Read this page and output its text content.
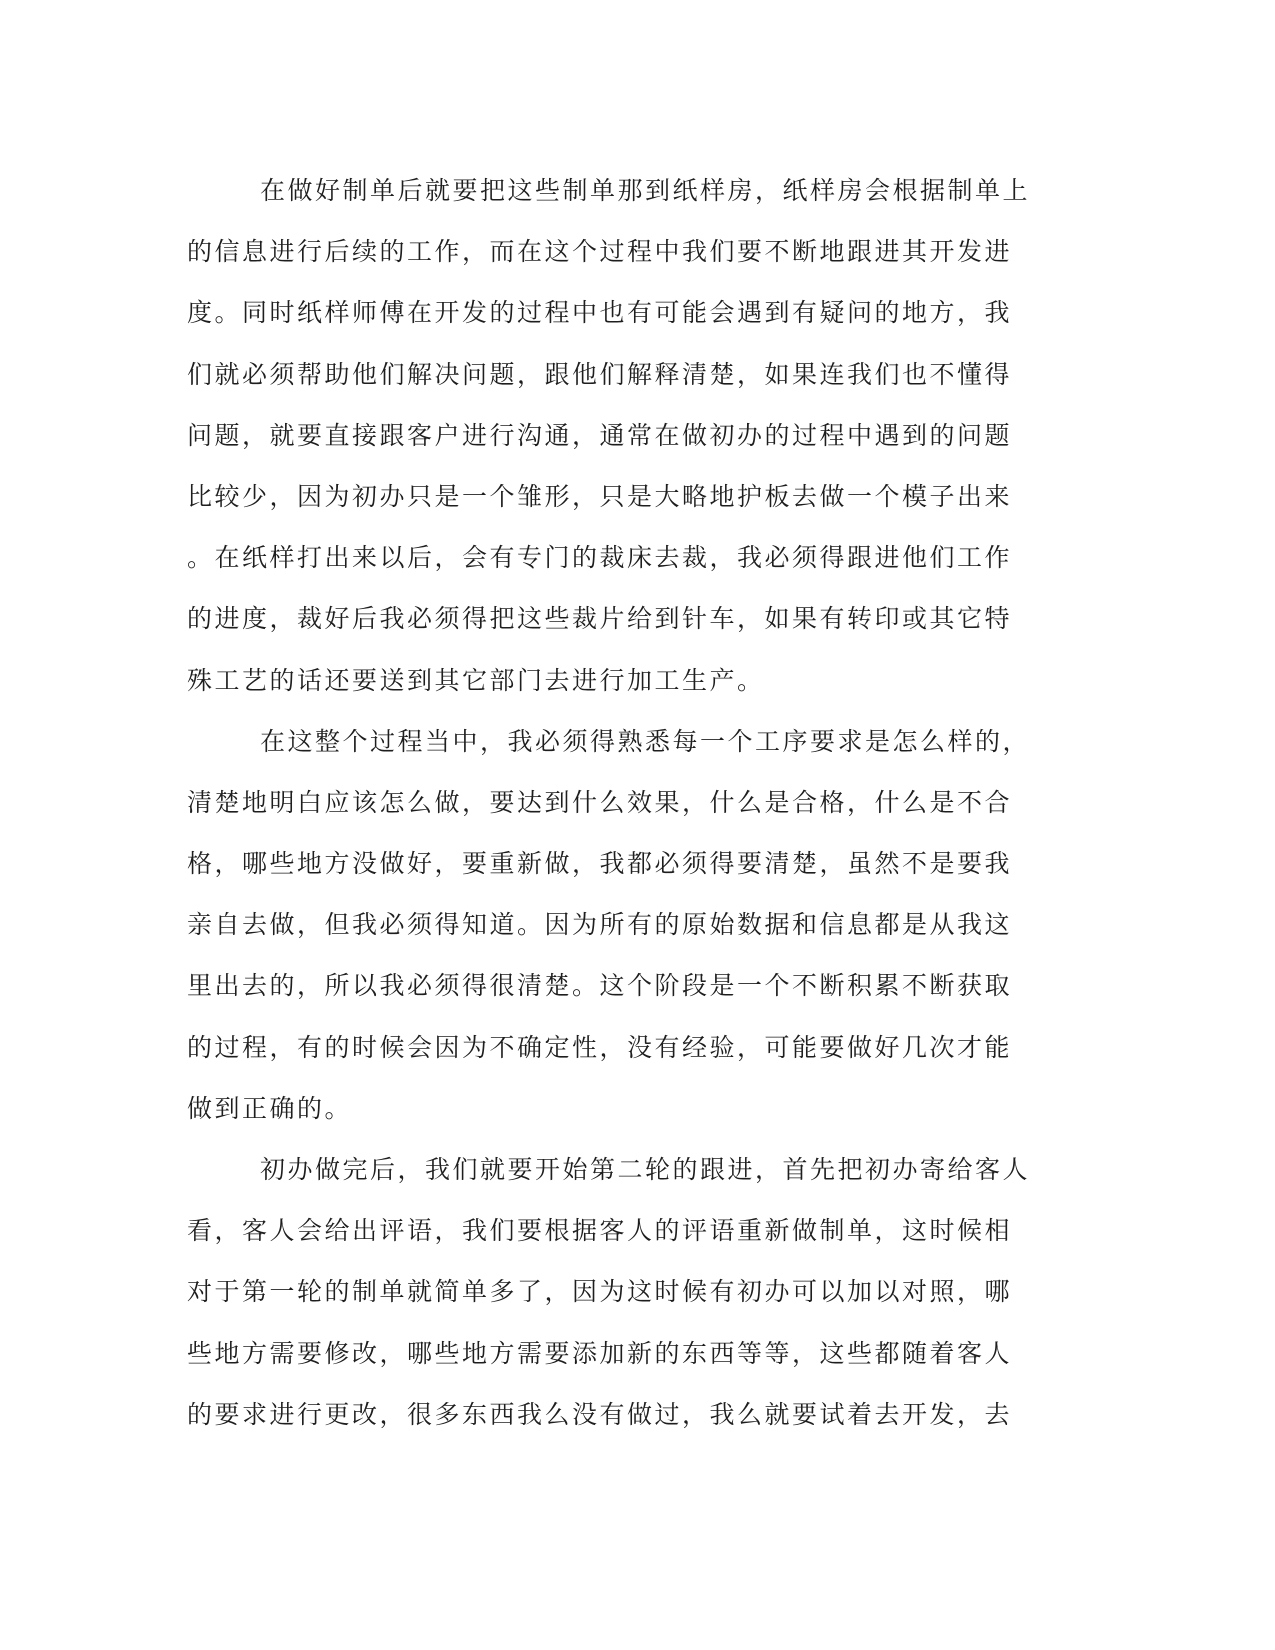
在做好制单后就要把这些制单那到纸样房，纸样房会根据制单上
的信息进行后续的工作，而在这个过程中我们要不断地跟进其开发进
度。同时纸样师傅在开发的过程中也有可能会遇到有疑问的地方，我
们就必须帮助他们解决问题，跟他们解释清楚，如果连我们也不懂得
问题，就要直接跟客户进行沟通，通常在做初办的过程中遇到的问题
比较少，因为初办只是一个雏形，只是大略地护板去做一个模子出来
。在纸样打出来以后，会有专门的裁床去裁，我必须得跟进他们工作
的进度，裁好后我必须得把这些裁片给到针车，如果有转印或其它特
殊工艺的话还要送到其它部门去进行加工生产。
在这整个过程当中，我必须得熟悉每一个工序要求是怎么样的，
清楚地明白应该怎么做，要达到什么效果，什么是合格，什么是不合
格，哪些地方没做好，要重新做，我都必须得要清楚，虽然不是要我
亲自去做，但我必须得知道。因为所有的原始数据和信息都是从我这
里出去的，所以我必须得很清楚。这个阶段是一个不断积累不断获取
的过程，有的时候会因为不确定性，没有经验，可能要做好几次才能
做到正确的。
初办做完后，我们就要开始第二轮的跟进，首先把初办寄给客人
看，客人会给出评语，我们要根据客人的评语重新做制单，这时候相
对于第一轮的制单就简单多了，因为这时候有初办可以加以对照，哪
些地方需要修改，哪些地方需要添加新的东西等等，这些都随着客人
的要求进行更改，很多东西我么没有做过，我么就要试着去开发，去
